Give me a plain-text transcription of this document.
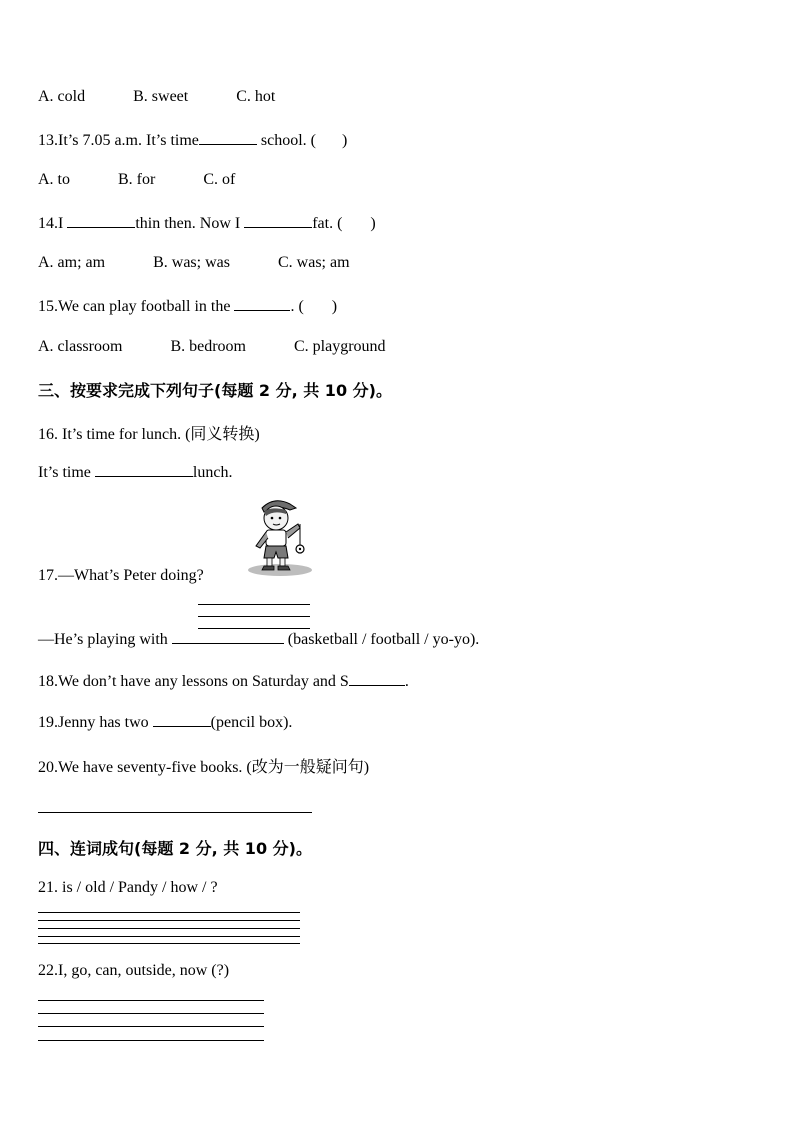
A. cold	B. sweet	C. hot
13.It’s 7.05 a.m. It’s time	school. ( )
A. to	B. for	C. of
14.I	thin then. Now I	fat. ( )
A. am; am	B. was; was	C. was; am
15.We can play football in the	. ( )
A. classroom	B. bedroom	C. playground
三、按要求完成下列句子(每题 2 分, 共 10 分)。
16. It’s time for lunch. (同义转换)
It’s time	lunch.
17.—What’s Peter doing?
—He’s playing with	(basketball / football / yo-yo).
18.We don’t have any lessons on Saturday and S	.
19.Jenny has two	(pencil box).
20.We have seventy-five books. (改为一般疑问句)
四、连词成句(每题 2 分, 共 10 分)。
21. is / old / Pandy / how / ?
22.I, go, can, outside, now (?)
